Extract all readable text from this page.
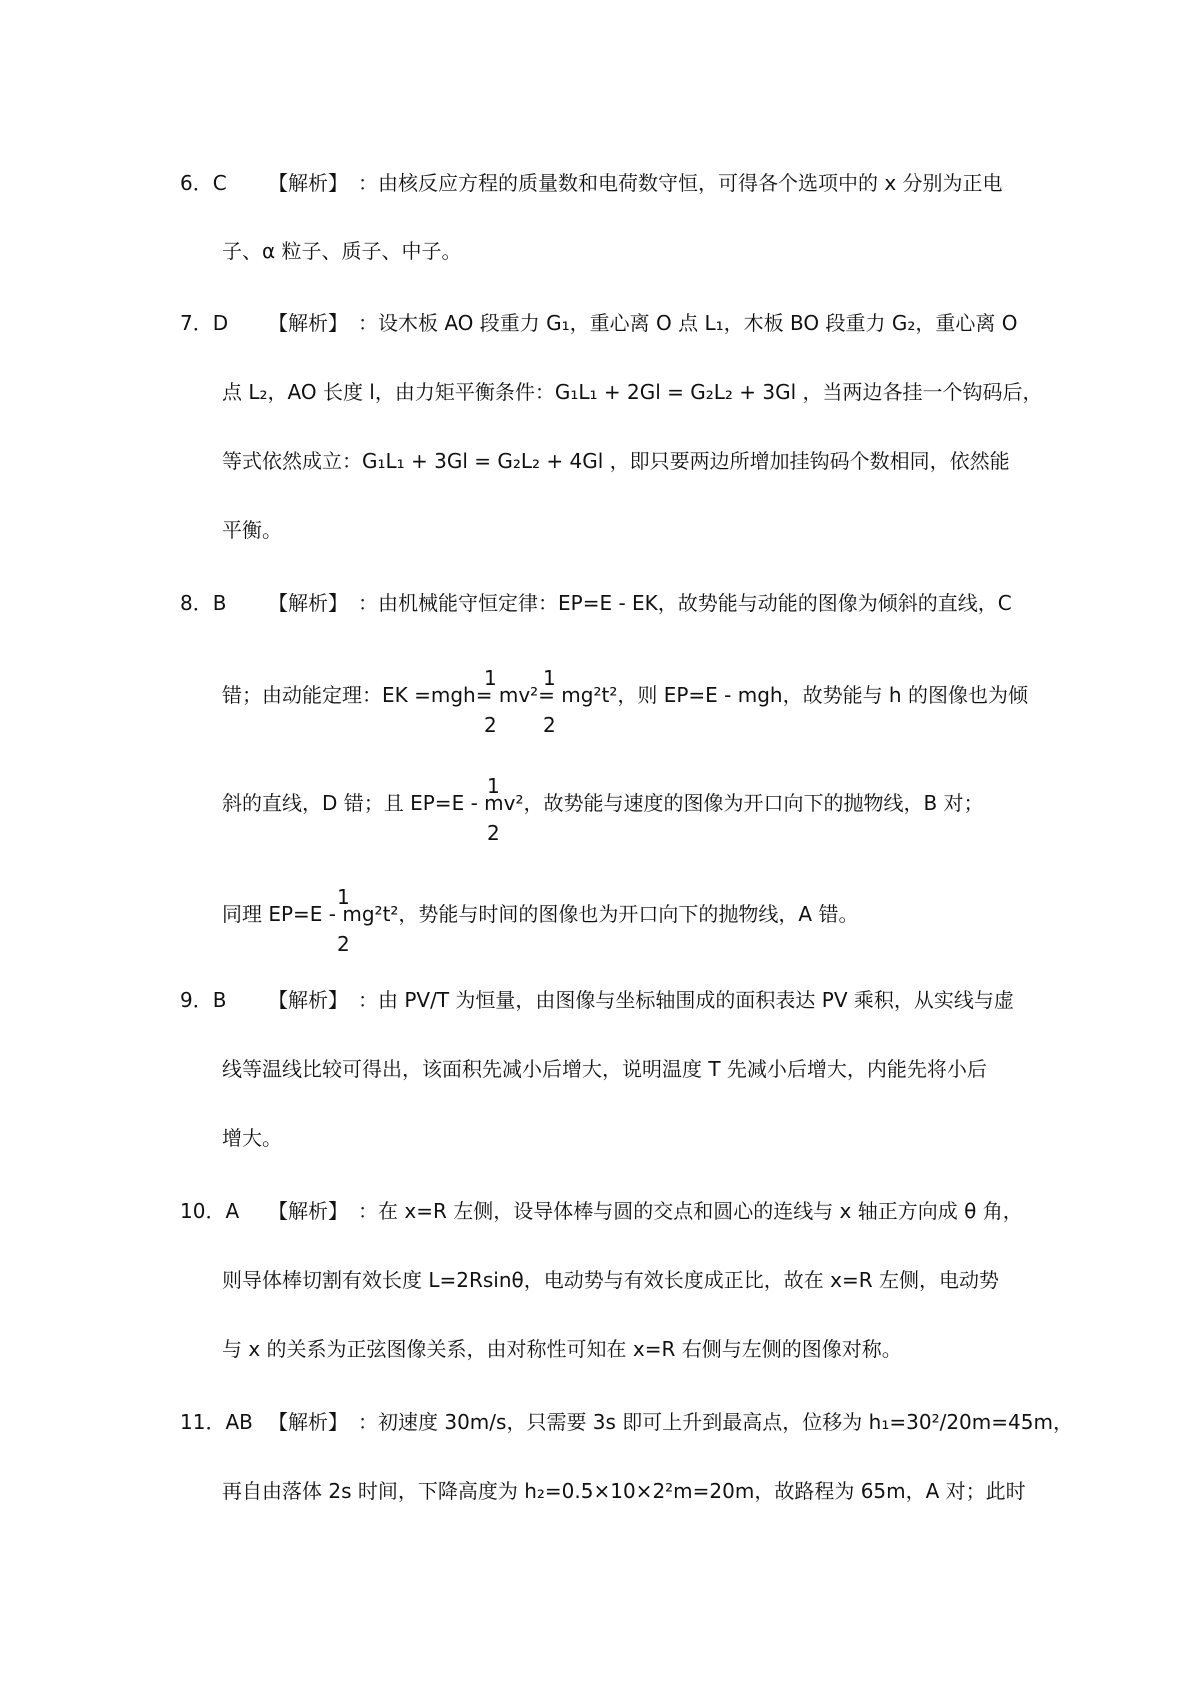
6．C 【解析】 ：由核反应方程的质量数和电荷数守恒，可得各个选项中的 x 分别为正电
子、α 粒子、质子、中子。
7．D 【解析】 ：设木板 AO 段重力 G₁，重心离 O 点 L₁，木板 BO 段重力 G₂，重心离 O
点 L₂，AO 长度 l，由力矩平衡条件：G₁L₁ + 2Gl = G₂L₂ + 3Gl ，当两边各挂一个钩码后，
等式依然成立：G₁L₁ + 3Gl = G₂L₂ + 4Gl ，即只要两边所增加挂钩码个数相同，依然能
平衡。
8．B 【解析】 ：由机械能守恒定律：EP=E - EK，故势能与动能的图像为倾斜的直线，C
1
2
1
2
错；由动能定理：EK =mgh= mv²= mg²t²，则 EP=E - mgh，故势能与 h 的图像也为倾
1
2
斜的直线，D 错；且 EP=E - mv²，故势能与速度的图像为开口向下的抛物线，B 对；
1
2
同理 EP=E - mg²t²，势能与时间的图像也为开口向下的抛物线，A 错。
9．B 【解析】 ：由 PV/T 为恒量，由图像与坐标轴围成的面积表达 PV 乘积，从实线与虚
线等温线比较可得出，该面积先减小后增大，说明温度 T 先减小后增大，内能先将小后
增大。
10．A 【解析】 ：在 x=R 左侧，设导体棒与圆的交点和圆心的连线与 x 轴正方向成 θ 角，
则导体棒切割有效长度 L=2Rsinθ，电动势与有效长度成正比，故在 x=R 左侧，电动势
与 x 的关系为正弦图像关系，由对称性可知在 x=R 右侧与左侧的图像对称。
11．AB 【解析】 ：初速度 30m/s，只需要 3s 即可上升到最高点，位移为 h₁=30²/20m=45m，
再自由落体 2s 时间，下降高度为 h₂=0.5×10×2²m=20m，故路程为 65m，A 对；此时
